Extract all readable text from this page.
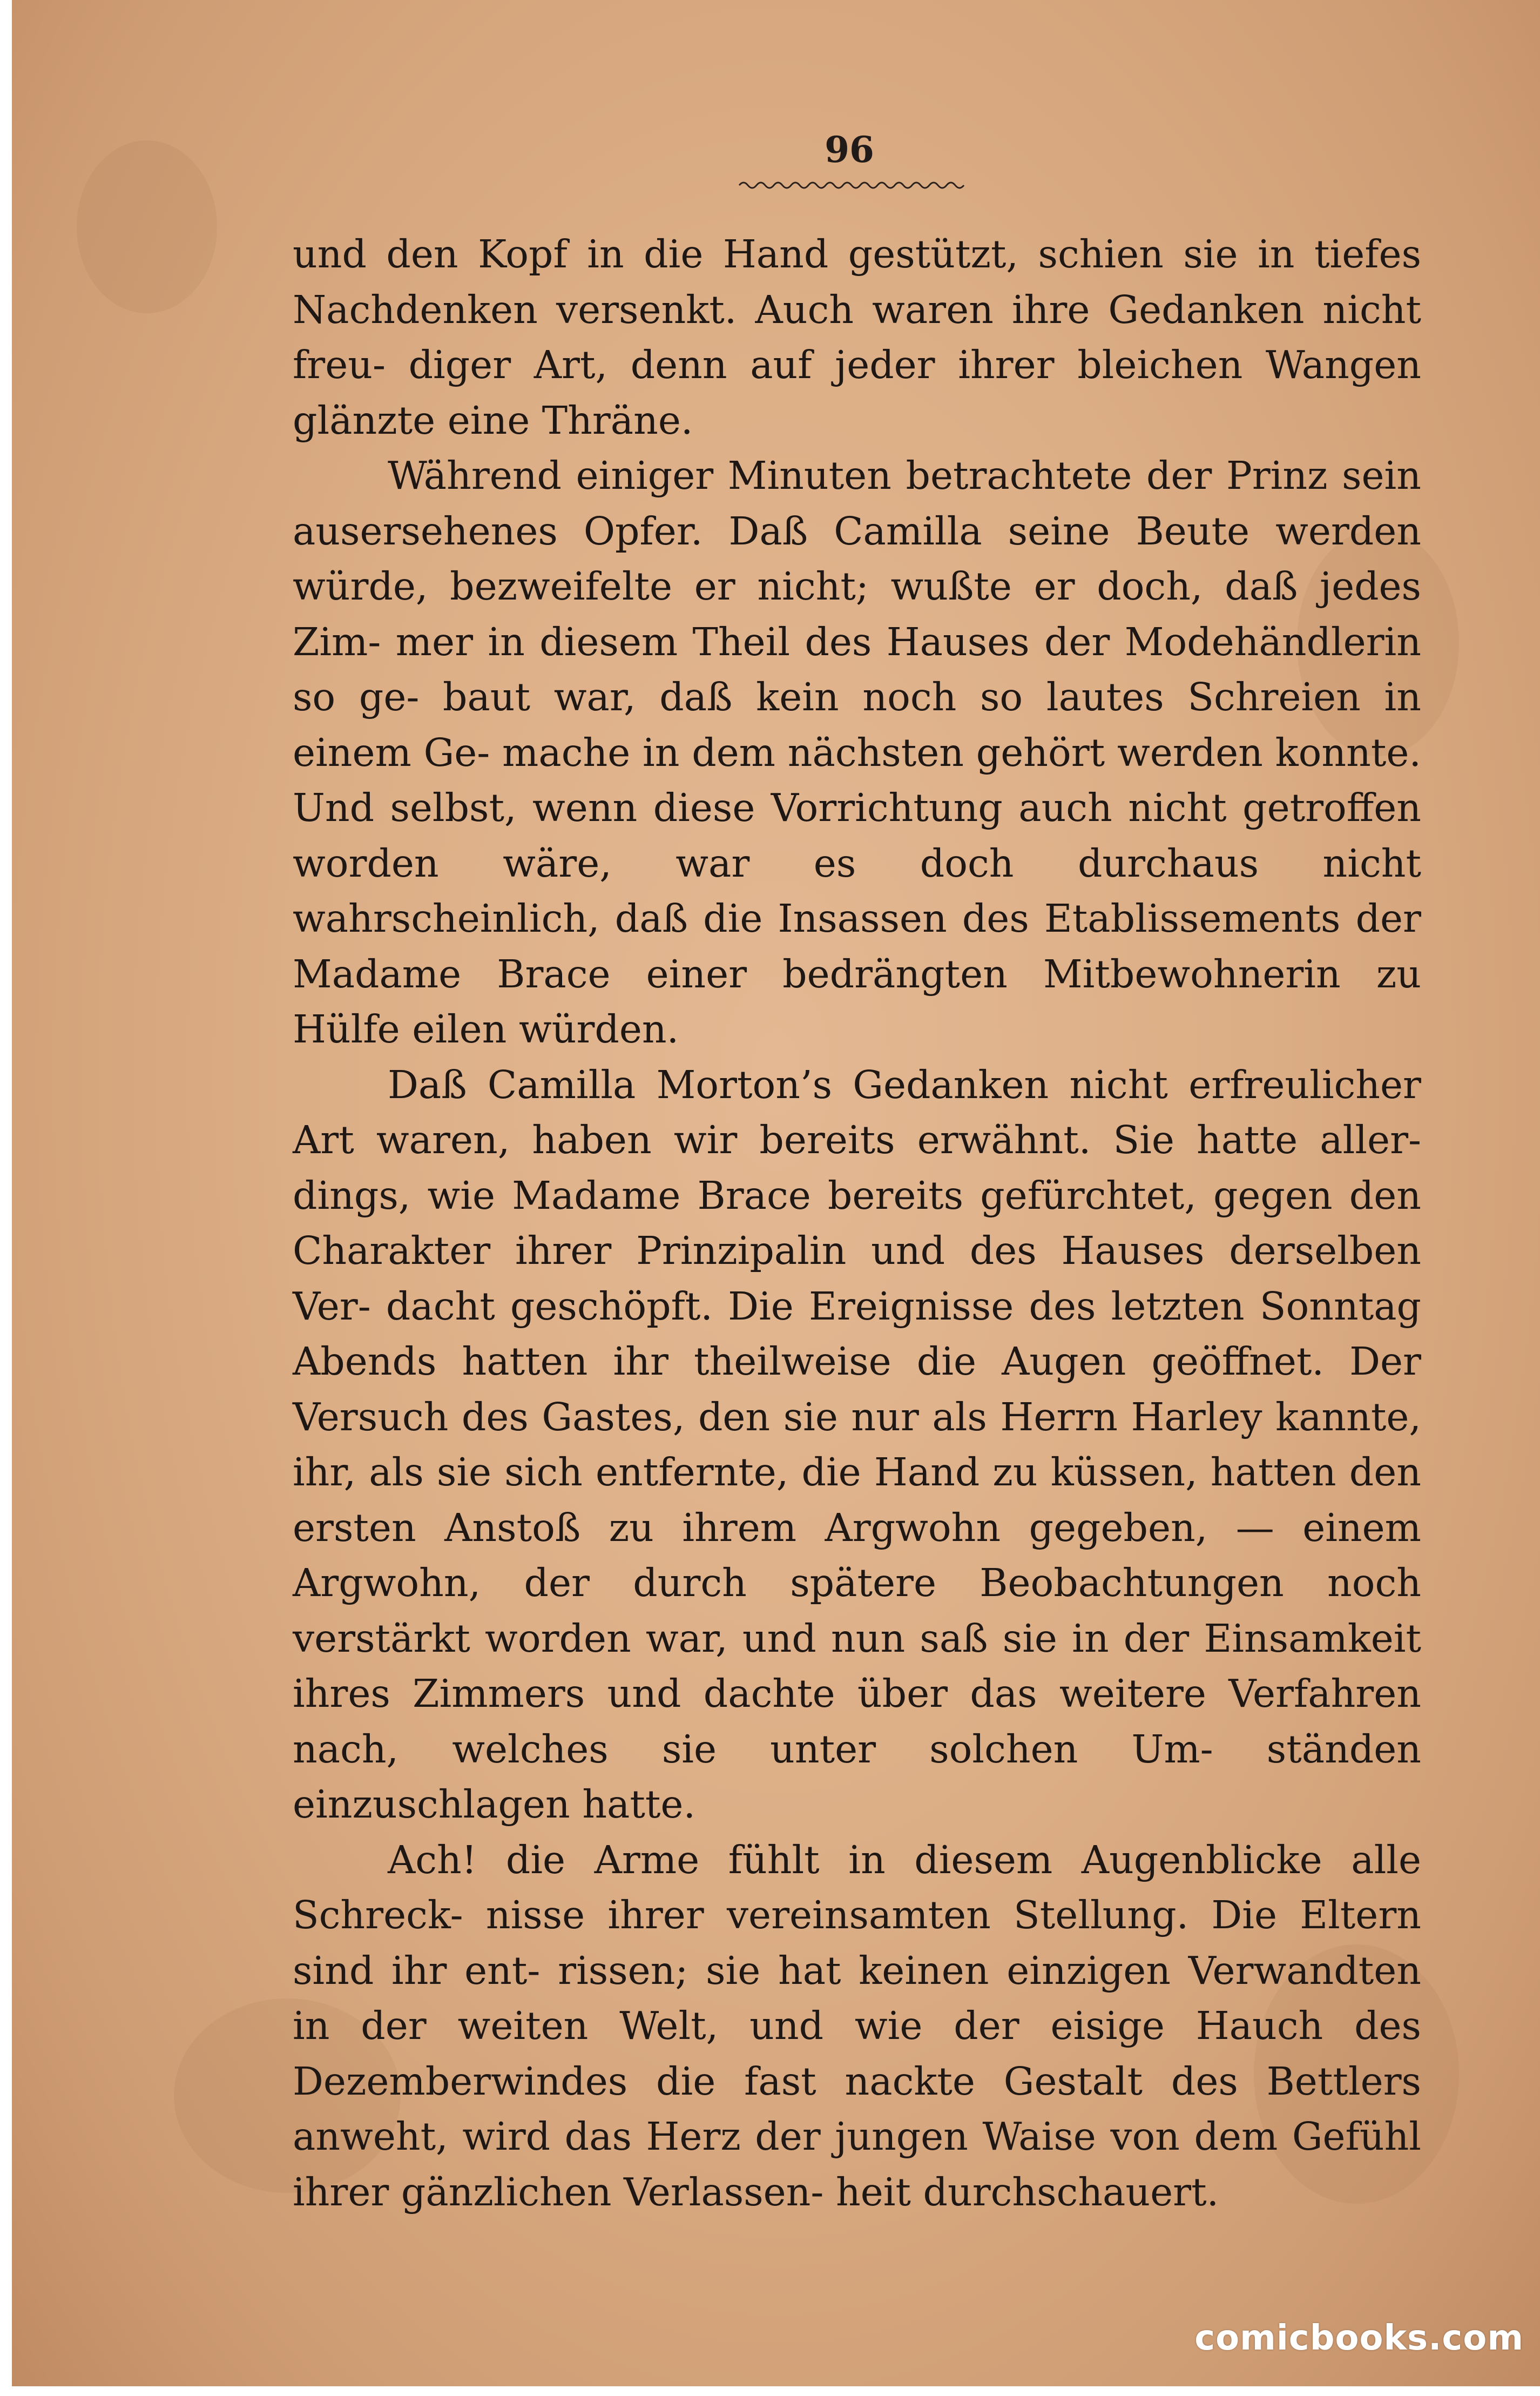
96

und den Kopf in die Hand gestützt, schien sie in tiefes Nachdenken versenkt. Auch waren ihre Gedanken nicht freu- diger Art, denn auf jeder ihrer bleichen Wangen glänzte eine Thräne.

Während einiger Minuten betrachtete der Prinz sein ausersehenes Opfer. Daß Camilla seine Beute werden würde, bezweifelte er nicht; wußte er doch, daß jedes Zim- mer in diesem Theil des Hauses der Modehändlerin so ge- baut war, daß kein noch so lautes Schreien in einem Ge- mache in dem nächsten gehört werden konnte. Und selbst, wenn diese Vorrichtung auch nicht getroffen worden wäre, war es doch durchaus nicht wahrscheinlich, daß die Insassen des Etablissements der Madame Brace einer bedrängten Mitbewohnerin zu Hülfe eilen würden.

Daß Camilla Morton’s Gedanken nicht erfreulicher Art waren, haben wir bereits erwähnt. Sie hatte aller- dings, wie Madame Brace bereits gefürchtet, gegen den Charakter ihrer Prinzipalin und des Hauses derselben Ver- dacht geschöpft. Die Ereignisse des letzten Sonntag Abends hatten ihr theilweise die Augen geöffnet. Der Versuch des Gastes, den sie nur als Herrn Harley kannte, ihr, als sie sich entfernte, die Hand zu küssen, hatten den ersten Anstoß zu ihrem Argwohn gegeben, — einem Argwohn, der durch spätere Beobachtungen noch verstärkt worden war, und nun saß sie in der Einsamkeit ihres Zimmers und dachte über das weitere Verfahren nach, welches sie unter solchen Um- ständen einzuschlagen hatte.

Ach! die Arme fühlt in diesem Augenblicke alle Schreck- nisse ihrer vereinsamten Stellung. Die Eltern sind ihr ent- rissen; sie hat keinen einzigen Verwandten in der weiten Welt, und wie der eisige Hauch des Dezemberwindes die fast nackte Gestalt des Bettlers anweht, wird das Herz der jungen Waise von dem Gefühl ihrer gänzlichen Verlassen- heit durchschauert.

comicbooks.com
